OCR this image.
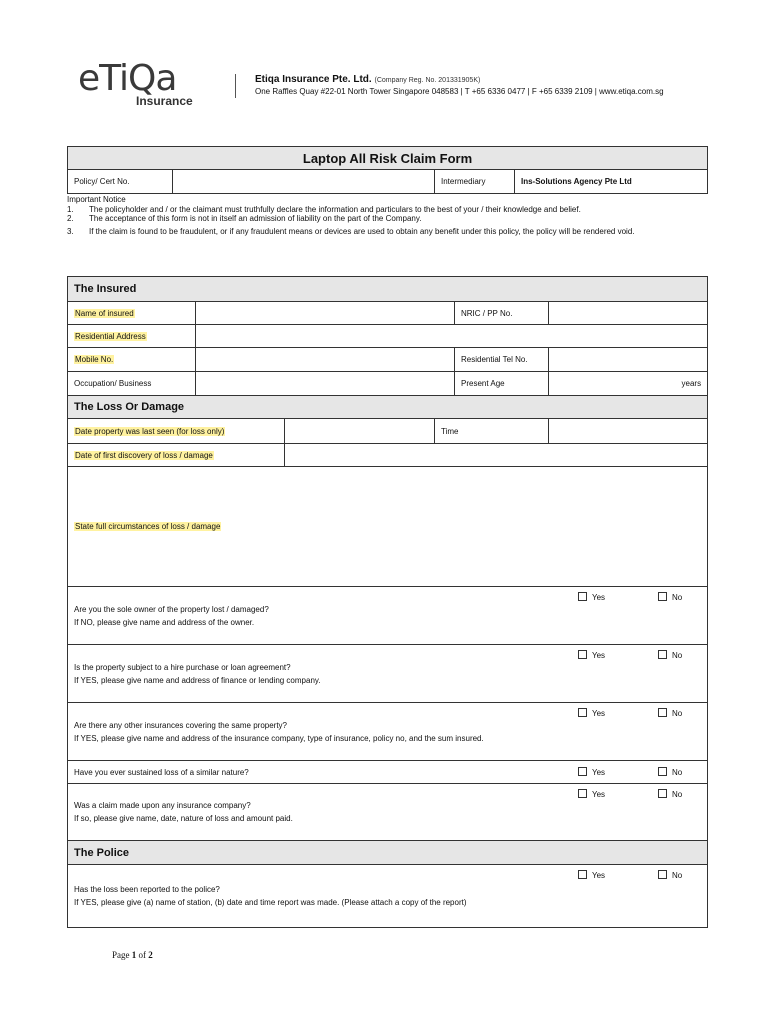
eTiQa
Insurance
Etiqa Insurance Pte. Ltd. (Company Reg. No. 201331905K)
One Raffles Quay #22-01 North Tower Singapore 048583 | T +65 6336 0477 | F +65 6339 2109 | www.etiqa.com.sg
Laptop All Risk Claim Form
Policy/ Cert No.		Intermediary	Ins-Solutions Agency Pte Ltd
Important Notice
1.	The policyholder and / or the claimant must truthfully declare the information and particulars to the best of your / their knowledge and belief.
2.	The acceptance of this form is not in itself an admission of liability on the part of the Company.
3.	If the claim is found to be fraudulent, or if any fraudulent means or devices are used to obtain any benefit under this policy, the policy will be rendered void.
The Insured					
Name of insured				NRIC / PP No.	
Residential Address					
Mobile No.				Residential Tel No.	
Occupation/ Business				Present Age	years
The Loss Or Damage					
Date property was last seen (for loss only)			Time		
Date of first discovery of loss / damage					
State full circumstances of loss / damage					

Are you the sole owner of the property lost / damaged?
If NO, please give name and address of the owner.
Yes No					

Is the property subject to a hire purchase or loan agreement?
If YES, please give name and address of finance or lending company.
Yes No					

Are there any other insurances covering the same property?
If YES, please give name and address of the insurance company, type of insurance, policy no, and the sum insured.
Yes No					

Have you ever sustained loss of a similar nature? Yes No					

Was a claim made upon any insurance company?
If so, please give name, date, nature of loss and amount paid.
Yes No					

The Police					

Has the loss been reported to the police?
If YES, please give (a) name of station, (b) date and time report was made. (Please attach a copy of the report)
Yes No					
Page 1 of 2
